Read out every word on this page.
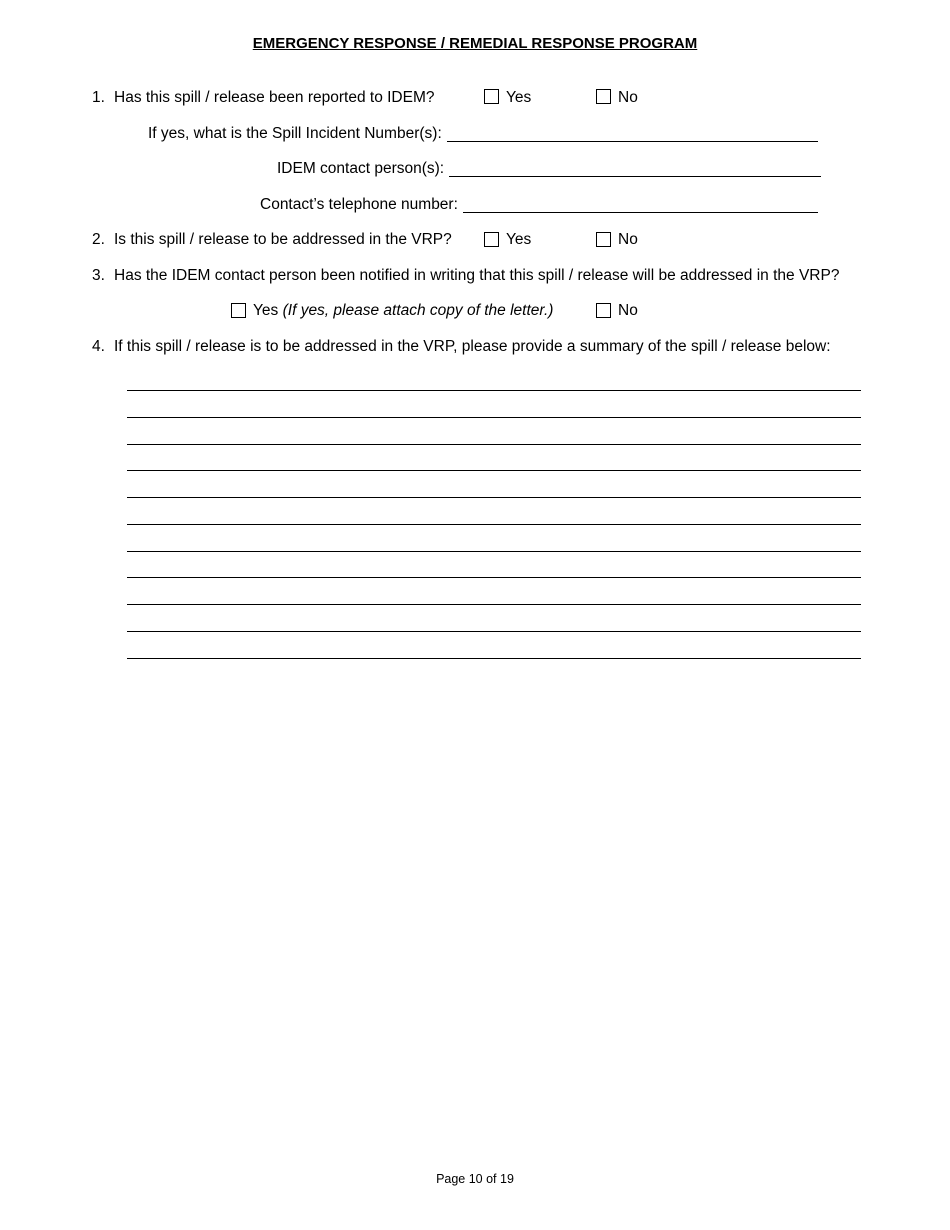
EMERGENCY RESPONSE / REMEDIAL RESPONSE PROGRAM
1. Has this spill / release been reported to IDEM?	Yes	No
If yes, what is the Spill Incident Number(s):
IDEM contact person(s):
Contact’s telephone number:
2. Is this spill / release to be addressed in the VRP?	Yes	No
3. Has the IDEM contact person been notified in writing that this spill / release will be addressed in the VRP?
Yes (If yes, please attach copy of the letter.)	No
4. If this spill / release is to be addressed in the VRP, please provide a summary of the spill / release below:
Page 10 of 19
